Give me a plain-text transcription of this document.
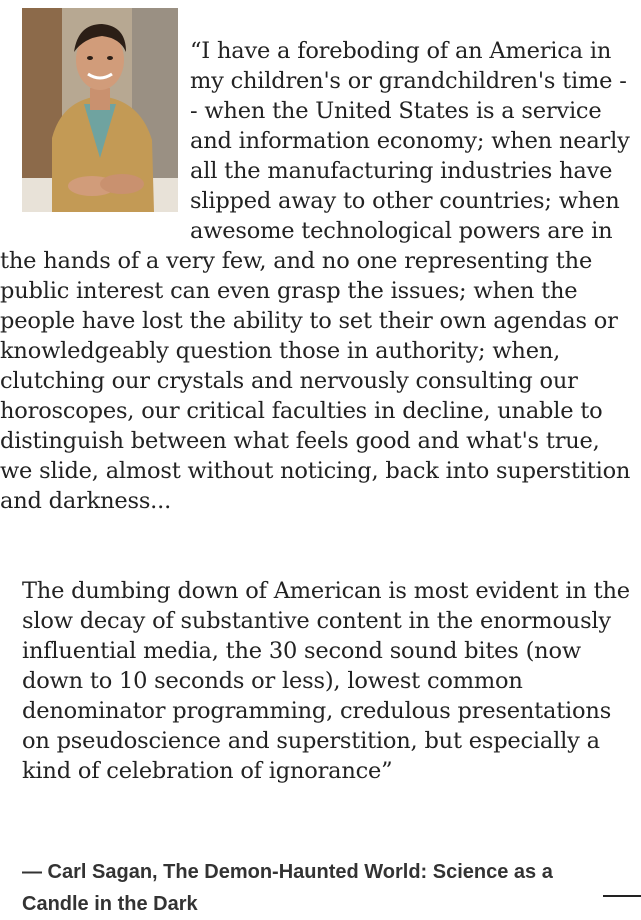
“I have a foreboding of an America in my children's or grandchildren's time -- when the United States is a service and information economy; when nearly all the manufacturing industries have slipped away to other countries; when awesome technological powers are in the hands of a very few, and no one representing the public interest can even grasp the issues; when the people have lost the ability to set their own agendas or knowledgeably question those in authority; when, clutching our crystals and nervously consulting our horoscopes, our critical faculties in decline, unable to distinguish between what feels good and what's true, we slide, almost without noticing, back into superstition and darkness...

The dumbing down of American is most evident in the slow decay of substantive content in the enormously influential media, the 30 second sound bites (now down to 10 seconds or less), lowest common denominator programming, credulous presentations on pseudoscience and superstition, but especially a kind of celebration of ignorance”

— Carl Sagan, The Demon-Haunted World: Science as a Candle in the Dark
